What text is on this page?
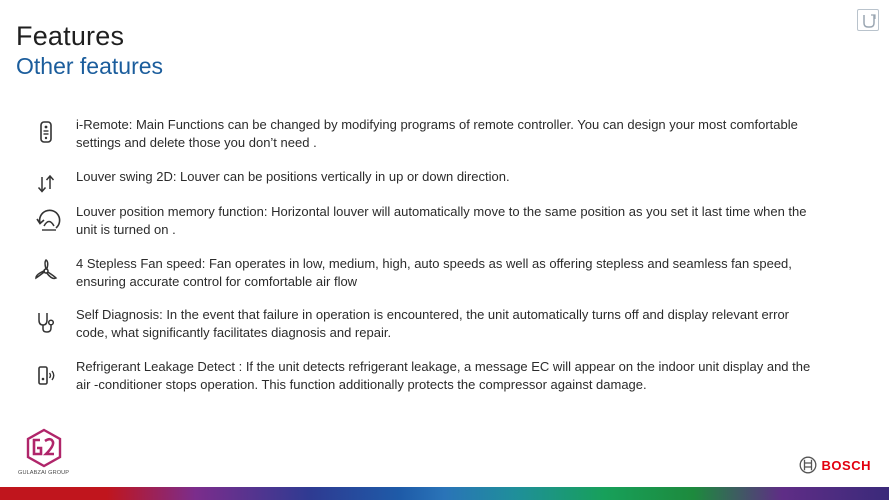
Features
Other features
i-Remote: Main Functions can be changed by modifying programs of remote controller. You can design your most comfortable settings and delete those you don’t need .
Louver swing 2D: Louver can be positions vertically in up or down direction.
Louver position memory function: Horizontal louver will automatically move to the same position as you set it last time when the unit is turned on .
4 Stepless Fan speed: Fan operates in low, medium, high, auto speeds as well as offering stepless and seamless fan speed, ensuring accurate control for comfortable air flow
Self Diagnosis: In the event that failure in operation is encountered, the unit automatically turns off and display relevant error code, what significantly facilitates diagnosis and repair.
Refrigerant Leakage Detect : If the unit detects refrigerant leakage, a message EC will appear on the indoor unit display and the air -conditioner stops operation. This function additionally protects the compressor against damage.
GULABZAI GROUP
BOSCH
